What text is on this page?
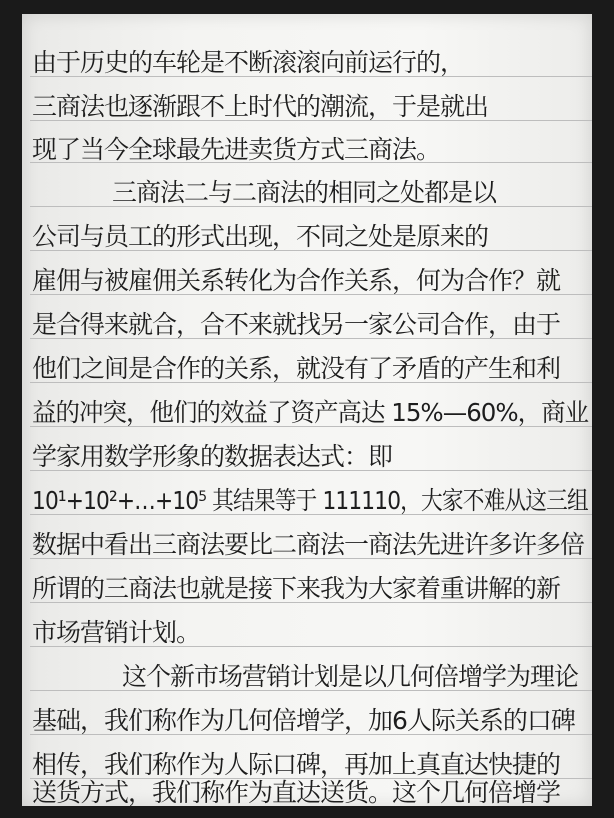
由于历史的车轮是不断滚滚向前运行的，
三商法也逐渐跟不上时代的潮流，于是就出
现了当今全球最先进卖货方式三商法。
三商法二与二商法的相同之处都是以
公司与员工的形式出现，不同之处是原来的
雇佣与被雇佣关系转化为合作关系，何为合作？就
是合得来就合，合不来就找另一家公司合作，由于
他们之间是合作的关系，就没有了矛盾的产生和利
益的冲突，他们的效益了资产高达 15%—60%，商业
学家用数学形象的数据表达式：即
10¹+10²+…+10⁵ 其结果等于 111110，大家不难从这三组
数据中看出三商法要比二商法一商法先进许多许多倍
所谓的三商法也就是接下来我为大家着重讲解的新
市场营销计划。
这个新市场营销计划是以几何倍增学为理论
基础，我们称作为几何倍增学，加6人际关系的口碑
相传，我们称作为人际口碑，再加上真直达快捷的
送货方式，我们称作为直达送货。这个几何倍增学
